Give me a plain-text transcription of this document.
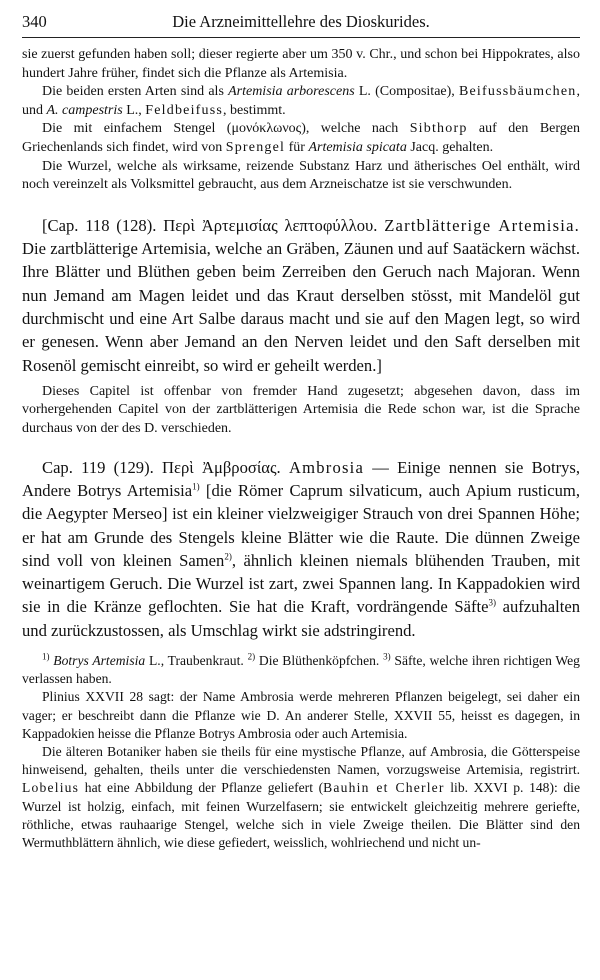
340	Die Arzneimittellehre des Dioskurides.

sie zuerst gefunden haben soll; dieser regierte aber um 350 v. Chr., und schon bei Hippokrates, also hundert Jahre früher, findet sich die Pflanze als Artemisia.

Die beiden ersten Arten sind als Artemisia arborescens L. (Compositae), Beifussbäumchen, und A. campestris L., Feldbeifuss, bestimmt.

Die mit einfachem Stengel (μονόκλωνος), welche nach Sibthorp auf den Bergen Griechenlands sich findet, wird von Sprengel für Artemisia spicata Jacq. gehalten.

Die Wurzel, welche als wirksame, reizende Substanz Harz und ätherisches Oel enthält, wird noch vereinzelt als Volksmittel gebraucht, aus dem Arzneischatze ist sie verschwunden.

[Cap. 118 (128). Περὶ Ἀρτεμισίας λεπτοφύλλου. Zartblätterige Artemisia. Die zartblätterige Artemisia, welche an Gräben, Zäunen und auf Saatäckern wächst. Ihre Blätter und Blüthen geben beim Zerreiben den Geruch nach Majoran. Wenn nun Jemand am Magen leidet und das Kraut derselben stösst, mit Mandelöl gut durchmischt und eine Art Salbe daraus macht und sie auf den Magen legt, so wird er genesen. Wenn aber Jemand an den Nerven leidet und den Saft derselben mit Rosenöl gemischt einreibt, so wird er geheilt werden.]

Dieses Capitel ist offenbar von fremder Hand zugesetzt; abgesehen davon, dass im vorhergehenden Capitel von der zartblätterigen Artemisia die Rede schon war, ist die Sprache durchaus von der des D. verschieden.

Cap. 119 (129). Περὶ Ἀμβροσίας. Ambrosia — Einige nennen sie Botrys, Andere Botrys Artemisia$^{1)}$ [die Römer Caprum silvaticum, auch Apium rusticum, die Aegypter Merseo] ist ein kleiner vielzweigiger Strauch von drei Spannen Höhe; er hat am Grunde des Stengels kleine Blätter wie die Raute. Die dünnen Zweige sind voll von kleinen Samen$^{2)}$, ähnlich kleinen niemals blühenden Trauben, mit weinartigem Geruch. Die Wurzel ist zart, zwei Spannen lang. In Kappadokien wird sie in die Kränze geflochten. Sie hat die Kraft, vordrängende Säfte$^{3)}$ aufzuhalten und zurückzustossen, als Umschlag wirkt sie adstringirend.

$^{1)}$ Botrys Artemisia L., Traubenkraut. $^{2)}$ Die Blüthenköpfchen. $^{3)}$ Säfte, welche ihren richtigen Weg verlassen haben.

Plinius XXVII 28 sagt: der Name Ambrosia werde mehreren Pflanzen beigelegt, sei daher ein vager; er beschreibt dann die Pflanze wie D. An anderer Stelle, XXVII 55, heisst es dagegen, in Kappadokien heisse die Pflanze Botrys Ambrosia oder auch Artemisia.

Die älteren Botaniker haben sie theils für eine mystische Pflanze, auf Ambrosia, die Götterspeise hinweisend, gehalten, theils unter die verschiedensten Namen, vorzugsweise Artemisia, registrirt. Lobelius hat eine Abbildung der Pflanze geliefert (Bauhin et Cherler lib. XXVI p. 148): die Wurzel ist holzig, einfach, mit feinen Wurzelfasern; sie entwickelt gleichzeitig mehrere geriefte, röthliche, etwas rauhaarige Stengel, welche sich in viele Zweige theilen. Die Blätter sind den Wermuthblättern ähnlich, wie diese gefiedert, weisslich, wohlriechend und nicht un-
